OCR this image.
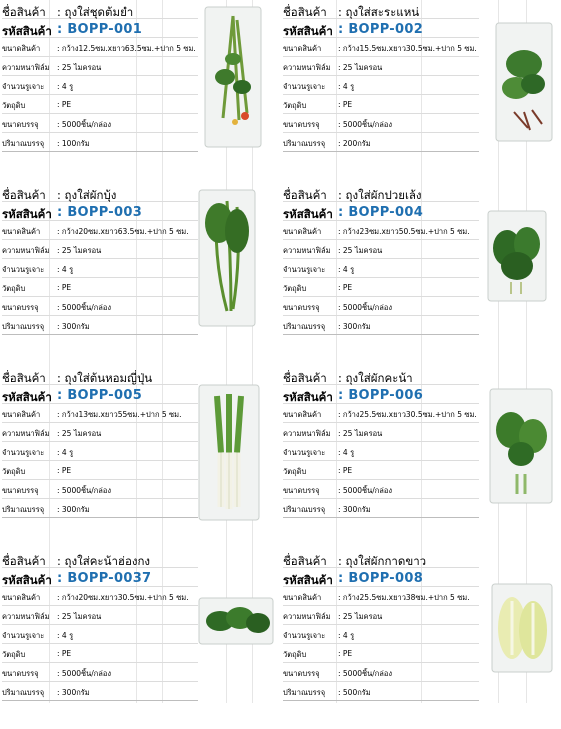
ชื่อสินค้า : ถุงใส่ชุดต้มยำ
รหัสสินค้า : BOPP-001
ขนาดสินค้า : กว้าง12.5ซม.xยาว63.5ซม.+ปาก 5 ซม.
ความหนาฟิล์ม : 25 ไมครอน
จำนวนรูเจาะ : 4 รู
วัตถุดิบ	: PE
ขนาดบรรจุ : 5000ชิ้น/กล่อง
ปริมาณบรรจุ : 100กรัม
ชื่อสินค้า : ถุงใส่สะระแหน่
รหัสสินค้า : BOPP-002
ขนาดสินค้า : กว้าง15.5ซม.xยาว30.5ซม.+ปาก 5 ซม.
ความหนาฟิล์ม : 25 ไมครอน
จำนวนรูเจาะ : 4 รู
วัตถุดิบ	: PE
ขนาดบรรจุ : 5000ชิ้น/กล่อง
ปริมาณบรรจุ : 200กรัม
ชื่อสินค้า : ถุงใส่ผักบุ้ง
รหัสสินค้า : BOPP-003
ขนาดสินค้า : กว้าง20ซม.xยาว63.5ซม.+ปาก 5 ซม.
ความหนาฟิล์ม : 25 ไมครอน
จำนวนรูเจาะ : 4 รู
วัตถุดิบ	: PE
ขนาดบรรจุ : 5000ชิ้น/กล่อง
ปริมาณบรรจุ : 300กรัม
ชื่อสินค้า : ถุงใส่ผักปวยเล้ง
รหัสสินค้า : BOPP-004
ขนาดสินค้า : กว้าง23ซม.xยาว50.5ซม.+ปาก 5 ซม.
ความหนาฟิล์ม : 25 ไมครอน
จำนวนรูเจาะ : 4 รู
วัตถุดิบ	: PE
ขนาดบรรจุ : 5000ชิ้น/กล่อง
ปริมาณบรรจุ : 300กรัม
ชื่อสินค้า : ถุงใส่ต้นหอมญี่ปุ่น
รหัสสินค้า : BOPP-005
ขนาดสินค้า : กว้าง13ซม.xยาว55ซม.+ปาก 5 ซม.
ความหนาฟิล์ม : 25 ไมครอน
จำนวนรูเจาะ : 4 รู
วัตถุดิบ	: PE
ขนาดบรรจุ : 5000ชิ้น/กล่อง
ปริมาณบรรจุ : 300กรัม
ชื่อสินค้า : ถุงใส่ผักคะน้า
รหัสสินค้า : BOPP-006
ขนาดสินค้า : กว้าง25.5ซม.xยาว30.5ซม.+ปาก 5 ซม.
ความหนาฟิล์ม : 25 ไมครอน
จำนวนรูเจาะ : 4 รู
วัตถุดิบ	: PE
ขนาดบรรจุ : 5000ชิ้น/กล่อง
ปริมาณบรรจุ : 300กรัม
ชื่อสินค้า : ถุงใส่คะน้าฮ่องกง
รหัสสินค้า : BOPP-0037
ขนาดสินค้า : กว้าง20ซม.xยาว30.5ซม.+ปาก 5 ซม.
ความหนาฟิล์ม : 25 ไมครอน
จำนวนรูเจาะ : 4 รู
วัตถุดิบ	: PE
ขนาดบรรจุ : 5000ชิ้น/กล่อง
ปริมาณบรรจุ : 300กรัม
ชื่อสินค้า : ถุงใส่ผักกาดขาว
รหัสสินค้า : BOPP-008
ขนาดสินค้า : กว้าง25.5ซม.xยาว38ซม.+ปาก 5 ซม.
ความหนาฟิล์ม : 25 ไมครอน
จำนวนรูเจาะ : 4 รู
วัตถุดิบ	: PE
ขนาดบรรจุ : 5000ชิ้น/กล่อง
ปริมาณบรรจุ : 500กรัม
